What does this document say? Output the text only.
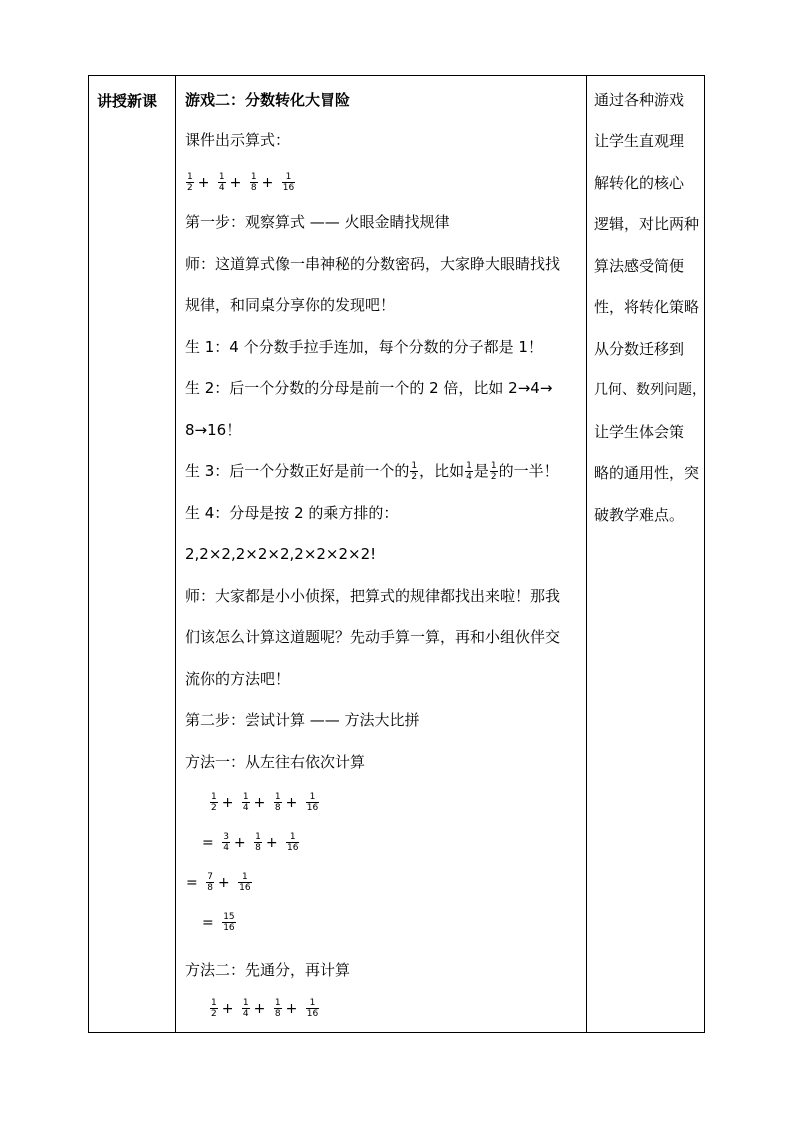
讲授新课 游戏二：分数转化大冒险
课件出示算式：
$\frac{1}{2} + \frac{1}{4} + \frac{1}{8} + \frac{1}{16}$
第一步：观察算式 —— 火眼金睛找规律
师：这道算式像一串神秘的分数密码，大家睁大眼睛找找
规律，和同桌分享你的发现吧！
生 1：4 个分数手拉手连加，每个分数的分子都是 1！
生 2：后一个分数的分母是前一个的 2 倍，比如 2→4→
8→16！
生 3：后一个分数正好是前一个的 $\frac{1}{2}$ ，比如 $\frac{1}{4}$ 是 $\frac{1}{2}$ 的一半！
生 4：分母是按 2 的乘方排的：
2,2×2,2×2×2,2×2×2×2!
师：大家都是小小侦探，把算式的规律都找出来啦！那我
们该怎么计算这道题呢？先动手算一算，再和小组伙伴交
流你的方法吧！
第二步：尝试计算 —— 方法大比拼
方法一：从左往右依次计算
$\frac{1}{2} + \frac{1}{4} + \frac{1}{8} + \frac{1}{16}$
= $\frac{3}{4} + \frac{1}{8} + \frac{1}{16}$
= $\frac{7}{8} + \frac{1}{16}$
= $\frac{15}{16}$
方法二：先通分，再计算
$\frac{1}{2} + \frac{1}{4} + \frac{1}{8} + \frac{1}{16}$
通过各种游戏
让学生直观理
解转化的核心
逻辑，对比两种
算法感受简便
性，将转化策略
从分数迁移到
几何、数列问题，
让学生体会策
略的通用性，突
破教学难点。
